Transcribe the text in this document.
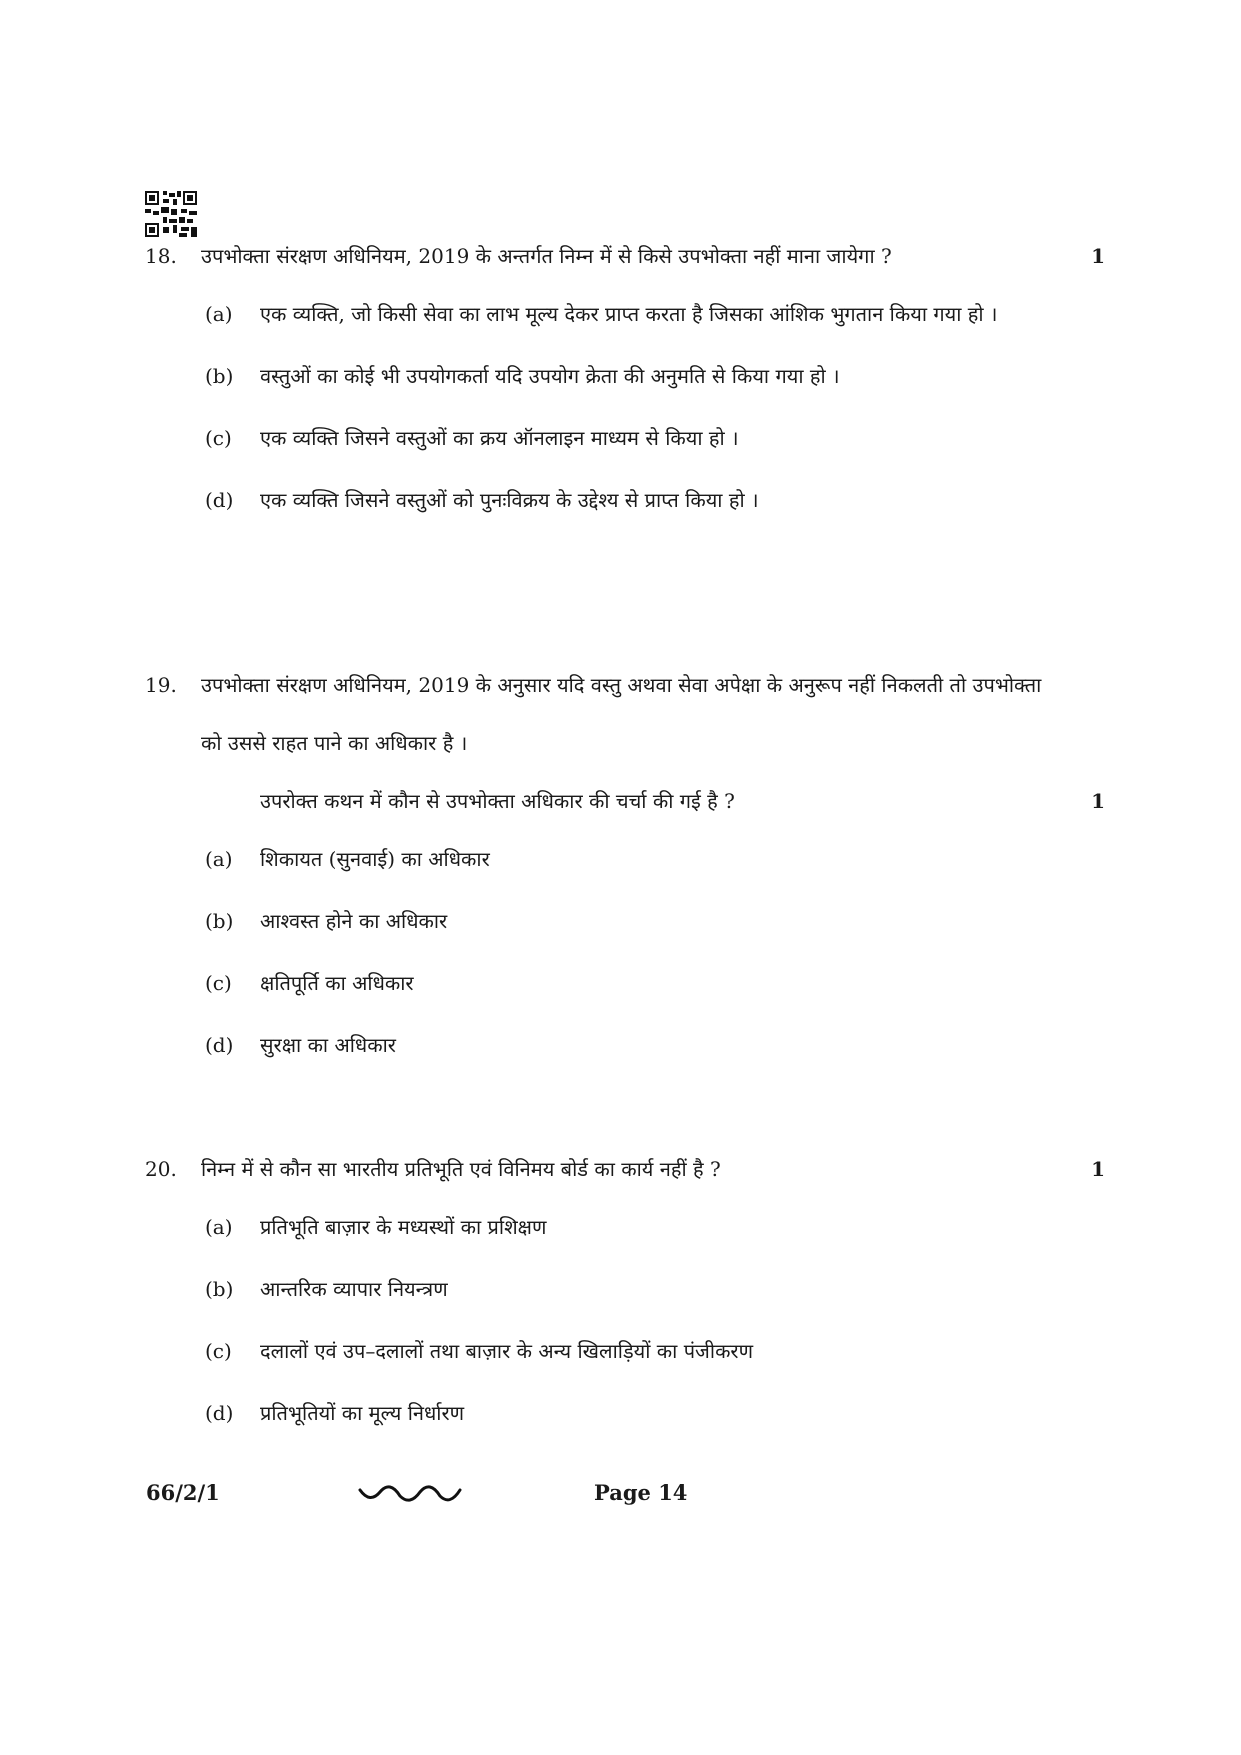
18. उपभोक्ता संरक्षण अधिनियम, 2019 के अन्तर्गत निम्न में से किसे उपभोक्ता नहीं माना जायेगा ?	1
(a) एक व्यक्ति, जो किसी सेवा का लाभ मूल्य देकर प्राप्त करता है जिसका आंशिक भुगतान किया गया हो ।
(b) वस्तुओं का कोई भी उपयोगकर्ता यदि उपयोग क्रेता की अनुमति से किया गया हो ।
(c) एक व्यक्ति जिसने वस्तुओं का क्रय ऑनलाइन माध्यम से किया हो ।
(d) एक व्यक्ति जिसने वस्तुओं को पुनःविक्रय के उद्देश्य से प्राप्त किया हो ।
19. उपभोक्ता संरक्षण अधिनियम, 2019 के अनुसार यदि वस्तु अथवा सेवा अपेक्षा के अनुरूप नहीं निकलती तो उपभोक्ता को उससे राहत पाने का अधिकार है ।
उपरोक्त कथन में कौन से उपभोक्ता अधिकार की चर्चा की गई है ?	1
(a) शिकायत (सुनवाई) का अधिकार
(b) आश्वस्त होने का अधिकार
(c) क्षतिपूर्ति का अधिकार
(d) सुरक्षा का अधिकार
20. निम्न में से कौन सा भारतीय प्रतिभूति एवं विनिमय बोर्ड का कार्य नहीं है ?	1
(a) प्रतिभूति बाज़ार के मध्यस्थों का प्रशिक्षण
(b) आन्तरिक व्यापार नियन्त्रण
(c) दलालों एवं उप–दलालों तथा बाज़ार के अन्य खिलाड़ियों का पंजीकरण
(d) प्रतिभूतियों का मूल्य निर्धारण
66/2/1	Page 14
